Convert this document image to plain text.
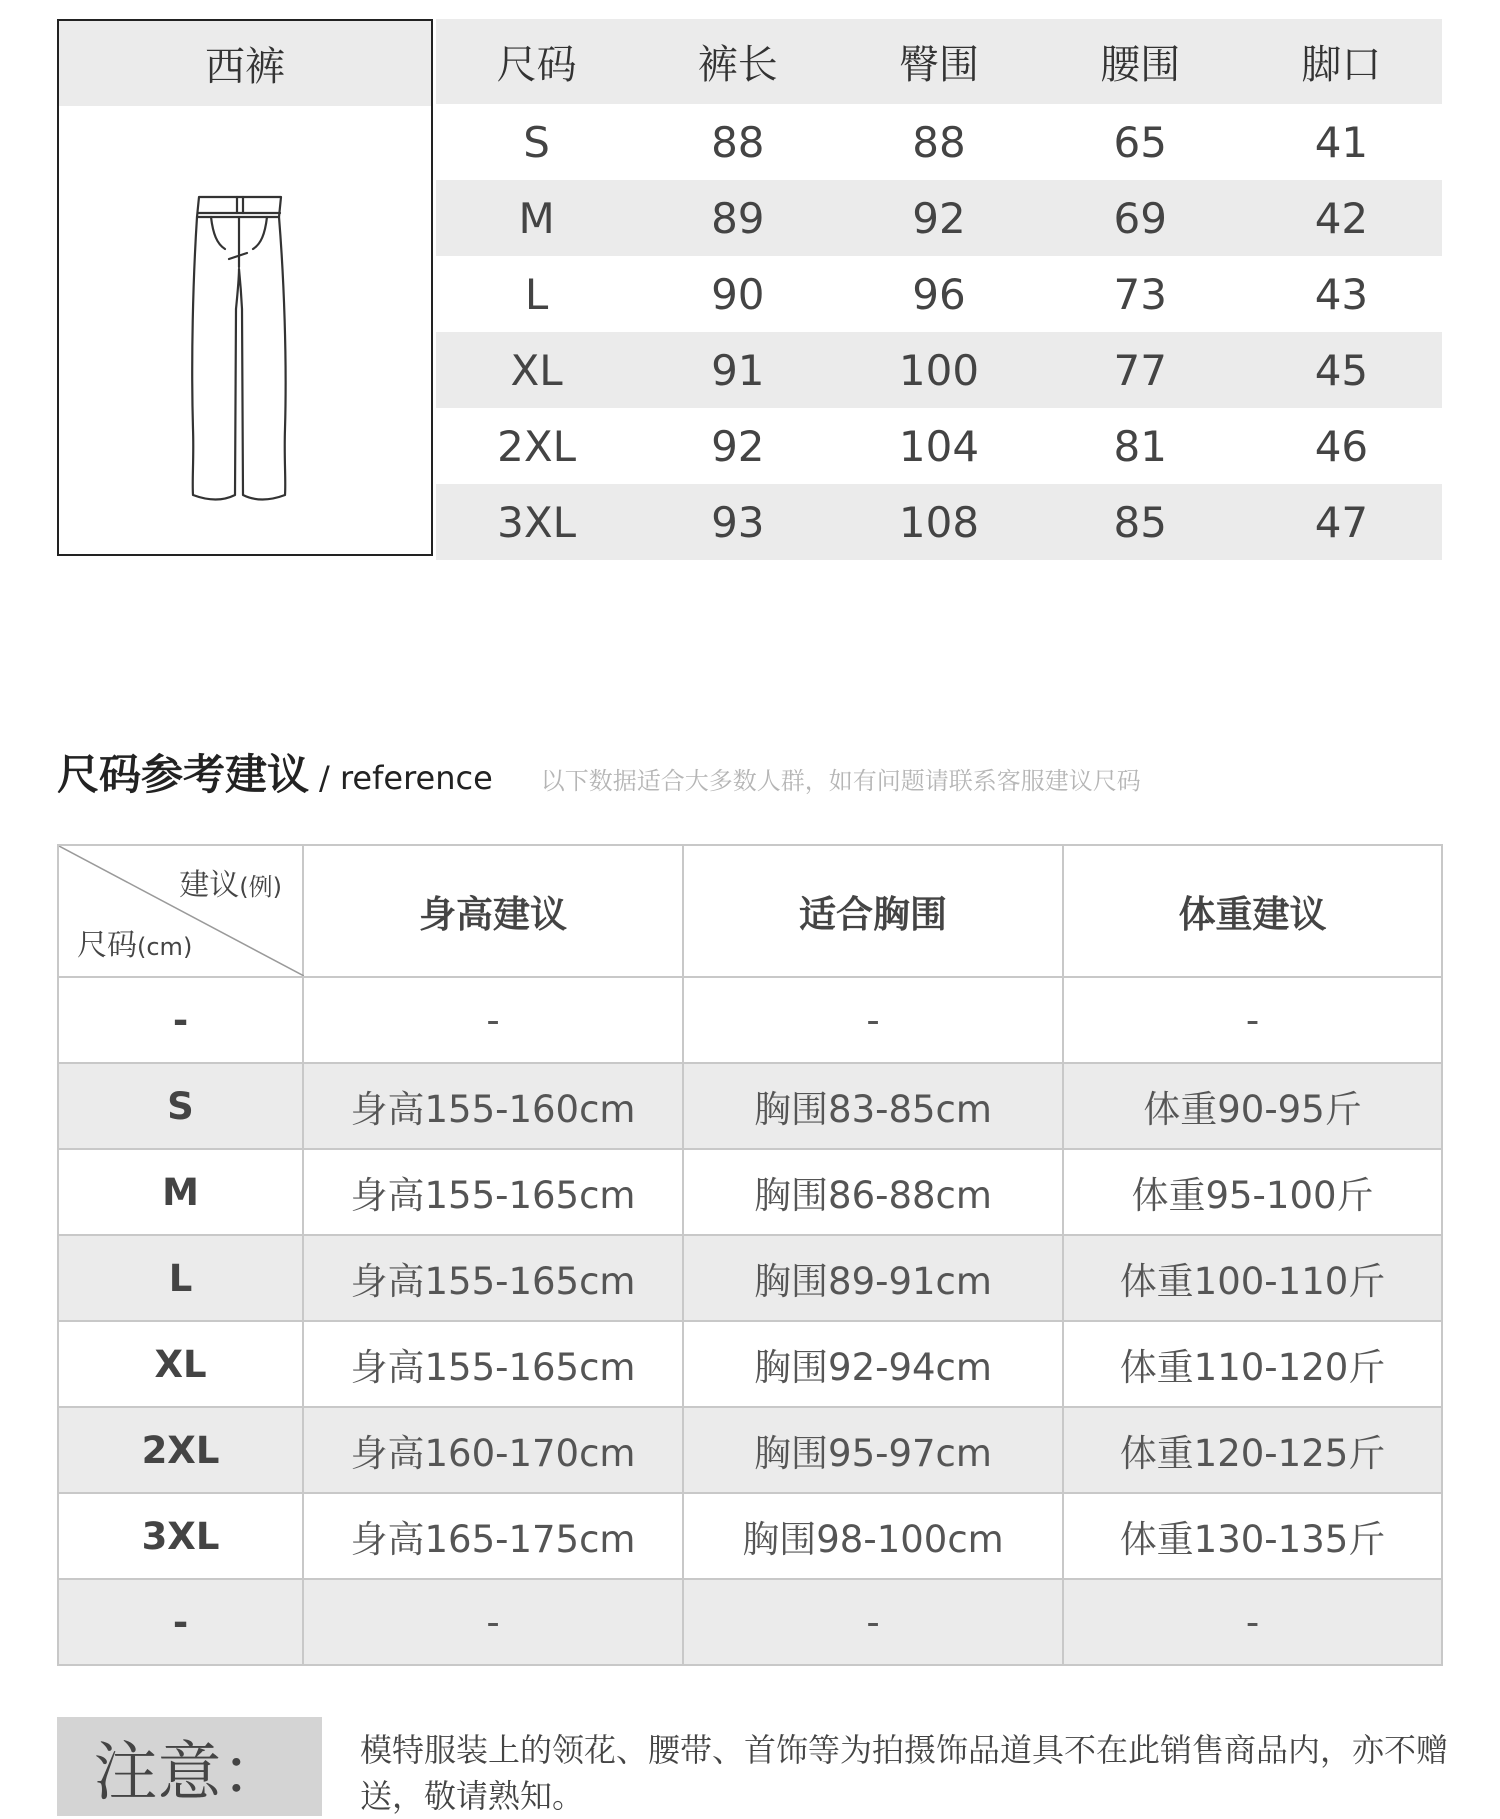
西裤	尺码	裤长	臀围	腰围	脚口
S	88	88	65	41
M	89	92	69	42
L	90	96	73	43
XL	91	100	77	45
2XL	92	104	81	46
3XL	93	108	85	47
尺码参考建议 / reference 以下数据适合大多数人群，如有问题请联系客服建议尺码
建议(例)
尺码(cm)	身高建议	适合胸围	体重建议
-	-	-	-
S	身高155-160cm	胸围83-85cm	体重90-95斤
M	身高155-165cm	胸围86-88cm	体重95-100斤
L	身高155-165cm	胸围89-91cm	体重100-110斤
XL	身高155-165cm	胸围92-94cm	体重110-120斤
2XL	身高160-170cm	胸围95-97cm	体重120-125斤
3XL	身高165-175cm	胸围98-100cm	体重130-135斤
-	-	-	-
注意：	模特服装上的领花、腰带、首饰等为拍摄饰品道具不在此销售商品内，亦不赠送，敬请熟知。
